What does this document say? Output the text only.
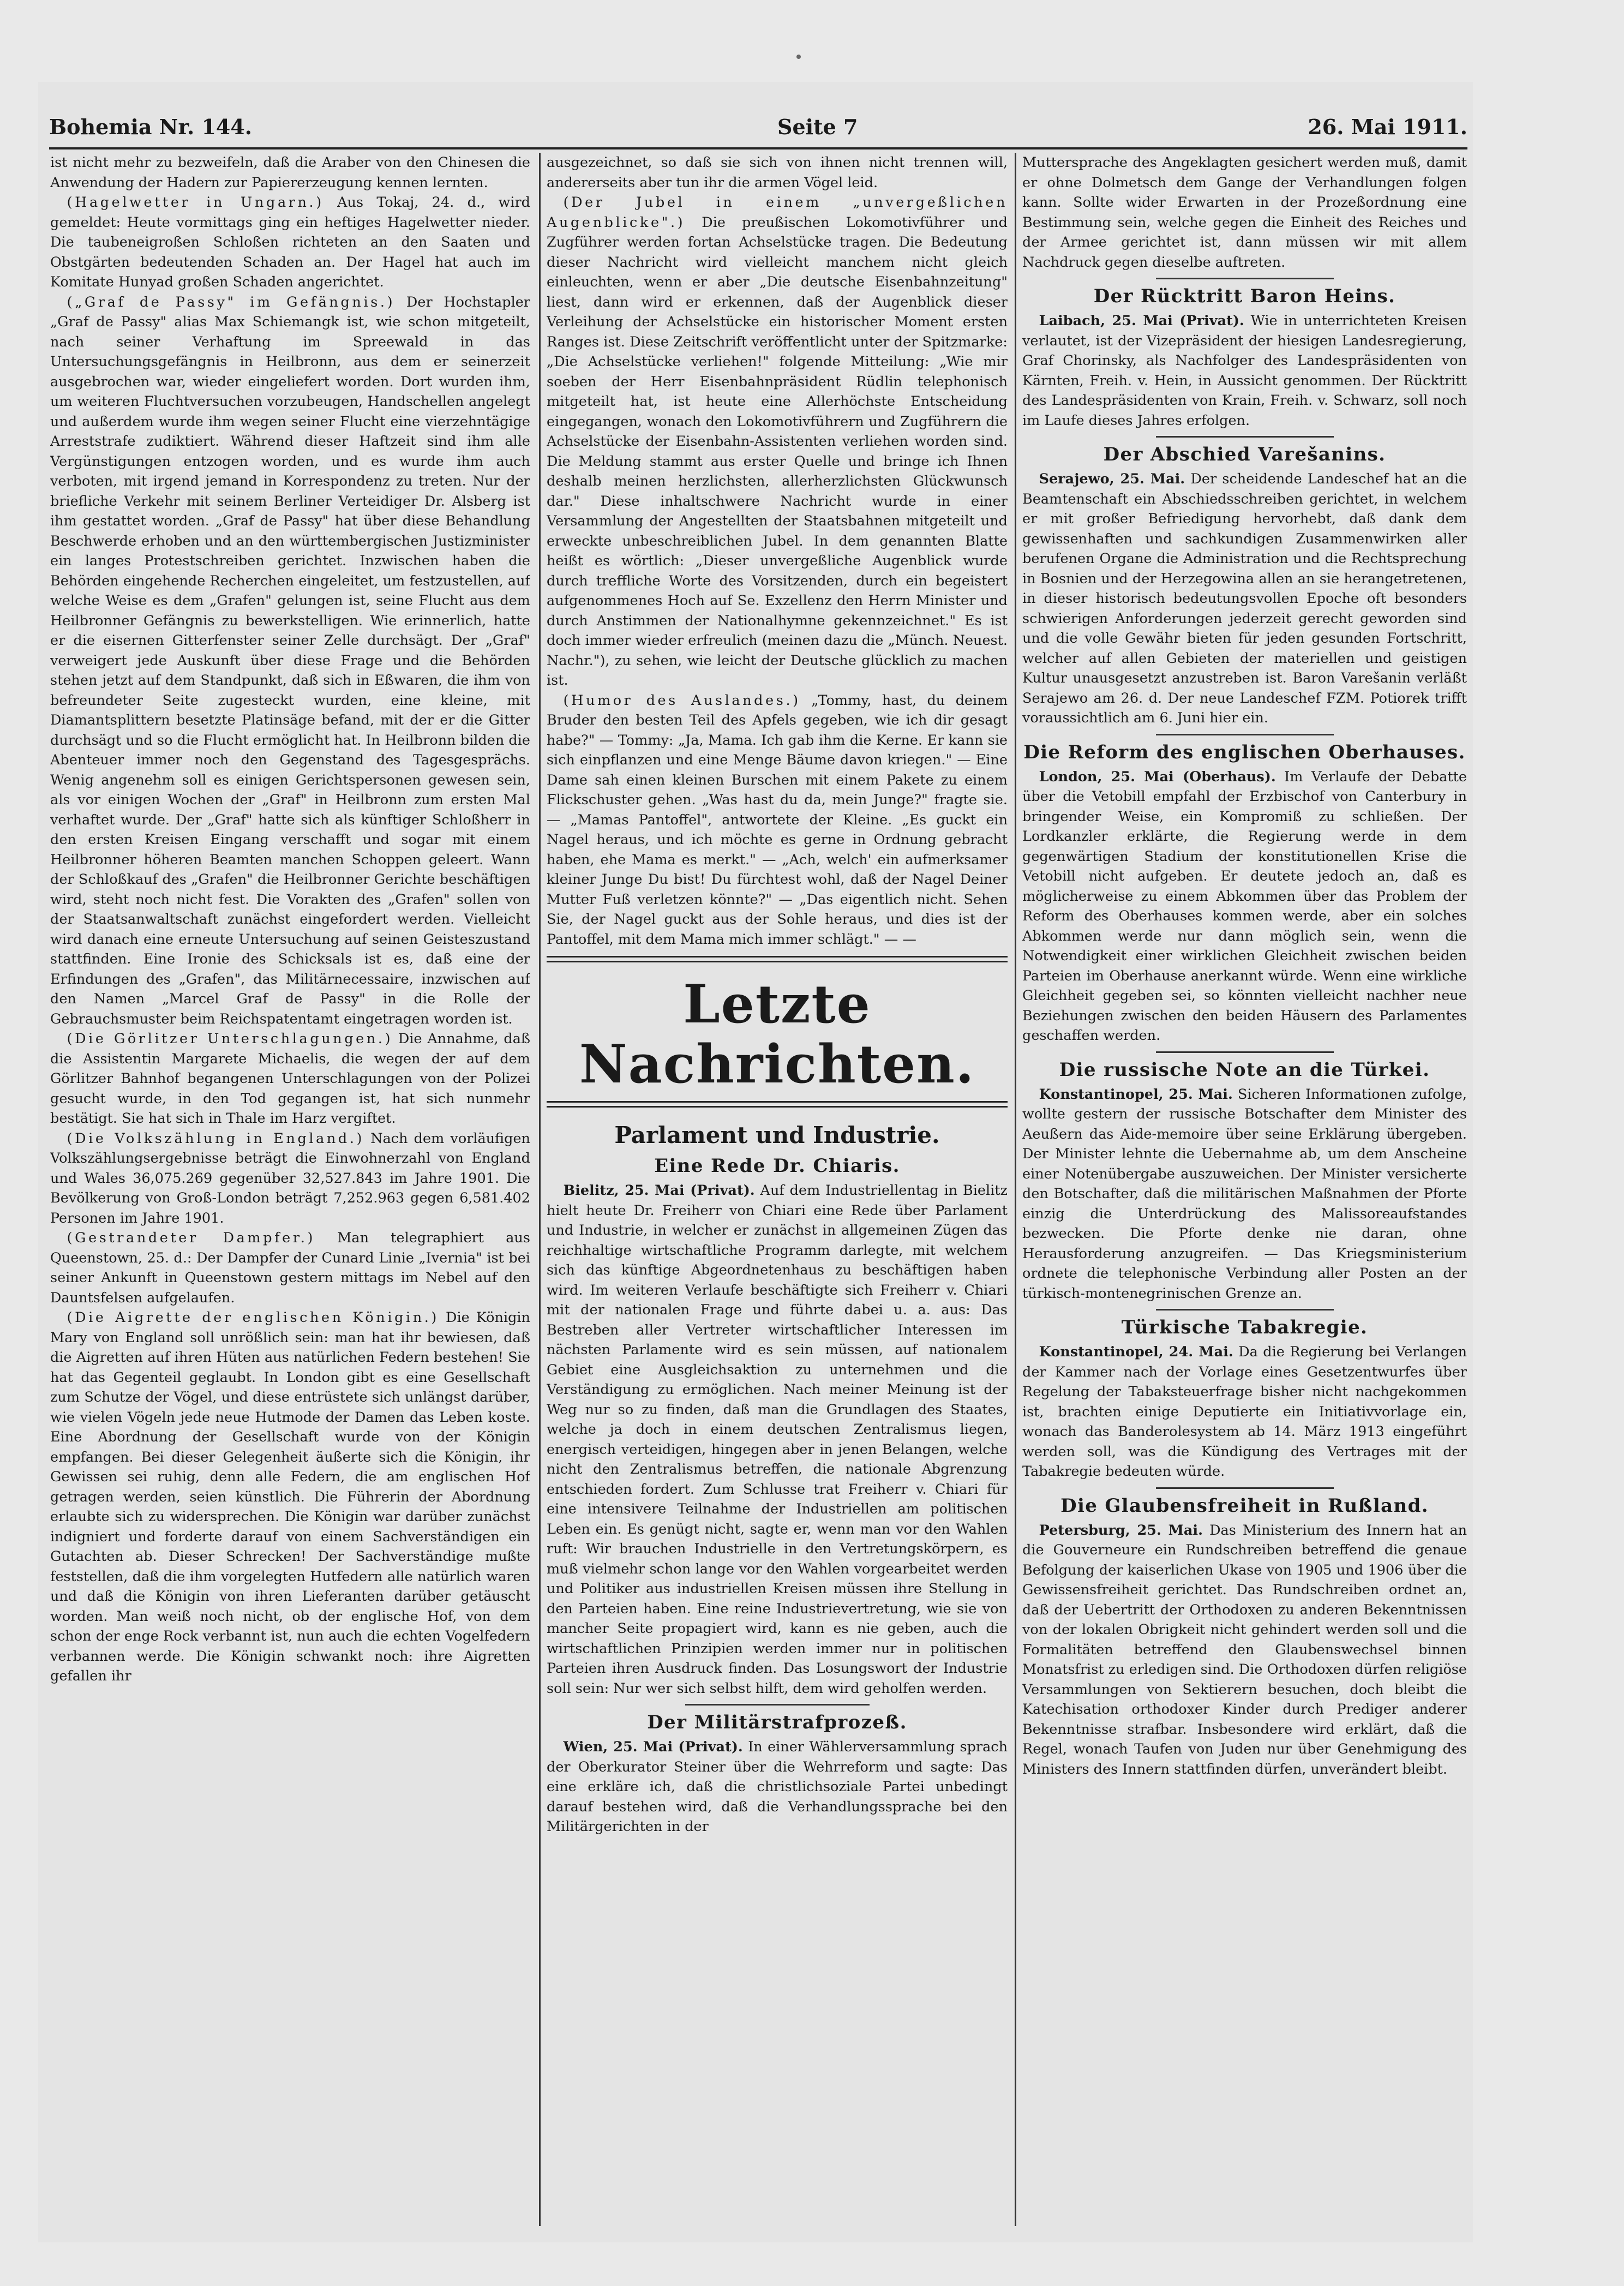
Bohemia Nr. 144.	Seite 7	26. Mai 1911.

ist nicht mehr zu bezweifeln, daß die Araber von den Chinesen die Anwendung der Hadern zur Papiererzeugung kennen lernten.

(Hagelwetter in Ungarn.) Aus Tokaj, 24. d., wird gemeldet: Heute vormittags ging ein heftiges Hagelwetter nieder. Die taubeneigroßen Schloßen richteten an den Saaten und Obstgärten bedeutenden Schaden an. Der Hagel hat auch im Komitate Hunyad großen Schaden angerichtet.

(„Graf de Passy" im Gefängnis.) Der Hochstapler „Graf de Passy" alias Max Schiemangk ist, wie schon mitgeteilt, nach seiner Verhaftung im Spreewald in das Untersuchungsgefängnis in Heilbronn, aus dem er seinerzeit ausgebrochen war, wieder eingeliefert worden. Dort wurden ihm, um weiteren Fluchtversuchen vorzubeugen, Handschellen angelegt und außerdem wurde ihm wegen seiner Flucht eine vierzehntägige Arreststrafe zudiktiert. Während dieser Haftzeit sind ihm alle Vergünstigungen entzogen worden, und es wurde ihm auch verboten, mit irgend jemand in Korrespondenz zu treten. Nur der briefliche Verkehr mit seinem Berliner Verteidiger Dr. Alsberg ist ihm gestattet worden. „Graf de Passy" hat über diese Behandlung Beschwerde erhoben und an den württembergischen Justizminister ein langes Protestschreiben gerichtet. Inzwischen haben die Behörden eingehende Recherchen eingeleitet, um festzustellen, auf welche Weise es dem „Grafen" gelungen ist, seine Flucht aus dem Heilbronner Gefängnis zu bewerkstelligen. Wie erinnerlich, hatte er die eisernen Gitterfenster seiner Zelle durchsägt. Der „Graf" verweigert jede Auskunft über diese Frage und die Behörden stehen jetzt auf dem Standpunkt, daß sich in Eßwaren, die ihm von befreundeter Seite zugesteckt wurden, eine kleine, mit Diamantsplittern besetzte Platinsäge befand, mit der er die Gitter durchsägt und so die Flucht ermöglicht hat. In Heilbronn bilden die Abenteuer immer noch den Gegenstand des Tagesgesprächs. Wenig angenehm soll es einigen Gerichtspersonen gewesen sein, als vor einigen Wochen der „Graf" in Heilbronn zum ersten Mal verhaftet wurde. Der „Graf" hatte sich als künftiger Schloßherr in den ersten Kreisen Eingang verschafft und sogar mit einem Heilbronner höheren Beamten manchen Schoppen geleert. Wann der Schloßkauf des „Grafen" die Heilbronner Gerichte beschäftigen wird, steht noch nicht fest. Die Vorakten des „Grafen" sollen von der Staatsanwaltschaft zunächst eingefordert werden. Vielleicht wird danach eine erneute Untersuchung auf seinen Geisteszustand stattfinden. Eine Ironie des Schicksals ist es, daß eine der Erfindungen des „Grafen", das Militärnecessaire, inzwischen auf den Namen „Marcel Graf de Passy" in die Rolle der Gebrauchsmuster beim Reichspatentamt eingetragen worden ist.

(Die Görlitzer Unterschlagungen.) Die Annahme, daß die Assistentin Margarete Michaelis, die wegen der auf dem Görlitzer Bahnhof begangenen Unterschlagungen von der Polizei gesucht wurde, in den Tod gegangen ist, hat sich nunmehr bestätigt. Sie hat sich in Thale im Harz vergiftet.

(Die Volkszählung in England.) Nach dem vorläufigen Volkszählungsergebnisse beträgt die Einwohnerzahl von England und Wales 36,075.269 gegenüber 32,527.843 im Jahre 1901. Die Bevölkerung von Groß-London beträgt 7,252.963 gegen 6,581.402 Personen im Jahre 1901.

(Gestrandeter Dampfer.) Man telegraphiert aus Queenstown, 25. d.: Der Dampfer der Cunard Linie „Ivernia" ist bei seiner Ankunft in Queenstown gestern mittags im Nebel auf den Dauntsfelsen aufgelaufen.

(Die Aigrette der englischen Königin.) Die Königin Mary von England soll unrößlich sein: man hat ihr bewiesen, daß die Aigretten auf ihren Hüten aus natürlichen Federn bestehen! Sie hat das Gegenteil geglaubt. In London gibt es eine Gesellschaft zum Schutze der Vögel, und diese entrüstete sich unlängst darüber, wie vielen Vögeln jede neue Hutmode der Damen das Leben koste. Eine Abordnung der Gesellschaft wurde von der Königin empfangen. Bei dieser Gelegenheit äußerte sich die Königin, ihr Gewissen sei ruhig, denn alle Federn, die am englischen Hof getragen werden, seien künstlich. Die Führerin der Abordnung erlaubte sich zu widersprechen. Die Königin war darüber zunächst indigniert und forderte darauf von einem Sachverständigen ein Gutachten ab. Dieser Schrecken! Der Sachverständige mußte feststellen, daß die ihm vorgelegten Hutfedern alle natürlich waren und daß die Königin von ihren Lieferanten darüber getäuscht worden. Man weiß noch nicht, ob der englische Hof, von dem schon der enge Rock verbannt ist, nun auch die echten Vogelfedern verbannen werde. Die Königin schwankt noch: ihre Aigretten gefallen ihr

ausgezeichnet, so daß sie sich von ihnen nicht trennen will, andererseits aber tun ihr die armen Vögel leid.

(Der Jubel in einem „unvergeßlichen Augenblicke".) Die preußischen Lokomotivführer und Zugführer werden fortan Achselstücke tragen. Die Bedeutung dieser Nachricht wird vielleicht manchem nicht gleich einleuchten, wenn er aber „Die deutsche Eisenbahnzeitung" liest, dann wird er erkennen, daß der Augenblick dieser Verleihung der Achselstücke ein historischer Moment ersten Ranges ist. Diese Zeitschrift veröffentlicht unter der Spitzmarke: „Die Achselstücke verliehen!" folgende Mitteilung: „Wie mir soeben der Herr Eisenbahnpräsident Rüdlin telephonisch mitgeteilt hat, ist heute eine Allerhöchste Entscheidung eingegangen, wonach den Lokomotivführern und Zugführern die Achselstücke der Eisenbahn-Assistenten verliehen worden sind. Die Meldung stammt aus erster Quelle und bringe ich Ihnen deshalb meinen herzlichsten, allerherzlichsten Glückwunsch dar." Diese inhaltschwere Nachricht wurde in einer Versammlung der Angestellten der Staatsbahnen mitgeteilt und erweckte unbeschreiblichen Jubel. In dem genannten Blatte heißt es wörtlich: „Dieser unvergeßliche Augenblick wurde durch treffliche Worte des Vorsitzenden, durch ein begeistert aufgenommenes Hoch auf Se. Exzellenz den Herrn Minister und durch Anstimmen der Nationalhymne gekennzeichnet." Es ist doch immer wieder erfreulich (meinen dazu die „Münch. Neuest. Nachr."), zu sehen, wie leicht der Deutsche glücklich zu machen ist.

(Humor des Auslandes.) „Tommy, hast, du deinem Bruder den besten Teil des Apfels gegeben, wie ich dir gesagt habe?" — Tommy: „Ja, Mama. Ich gab ihm die Kerne. Er kann sie sich einpflanzen und eine Menge Bäume davon kriegen." — Eine Dame sah einen kleinen Burschen mit einem Pakete zu einem Flickschuster gehen. „Was hast du da, mein Junge?" fragte sie. — „Mamas Pantoffel", antwortete der Kleine. „Es guckt ein Nagel heraus, und ich möchte es gerne in Ordnung gebracht haben, ehe Mama es merkt." — „Ach, welch' ein aufmerksamer kleiner Junge Du bist! Du fürchtest wohl, daß der Nagel Deiner Mutter Fuß verletzen könnte?" — „Das eigentlich nicht. Sehen Sie, der Nagel guckt aus der Sohle heraus, und dies ist der Pantoffel, mit dem Mama mich immer schlägt." — —

Letzte Nachrichten.
Parlament und Industrie.
Eine Rede Dr. Chiaris.

Bielitz, 25. Mai (Privat). Auf dem Industriellentag in Bielitz hielt heute Dr. Freiherr von Chiari eine Rede über Parlament und Industrie, in welcher er zunächst in allgemeinen Zügen das reichhaltige wirtschaftliche Programm darlegte, mit welchem sich das künftige Abgeordnetenhaus zu beschäftigen haben wird. Im weiteren Verlaufe beschäftigte sich Freiherr v. Chiari mit der nationalen Frage und führte dabei u. a. aus: Das Bestreben aller Vertreter wirtschaftlicher Interessen im nächsten Parlamente wird es sein müssen, auf nationalem Gebiet eine Ausgleichsaktion zu unternehmen und die Verständigung zu ermöglichen. Nach meiner Meinung ist der Weg nur so zu finden, daß man die Grundlagen des Staates, welche ja doch in einem deutschen Zentralismus liegen, energisch verteidigen, hingegen aber in jenen Belangen, welche nicht den Zentralismus betreffen, die nationale Abgrenzung entschieden fordert. Zum Schlusse trat Freiherr v. Chiari für eine intensivere Teilnahme der Industriellen am politischen Leben ein. Es genügt nicht, sagte er, wenn man vor den Wahlen ruft: Wir brauchen Industrielle in den Vertretungskörpern, es muß vielmehr schon lange vor den Wahlen vorgearbeitet werden und Politiker aus industriellen Kreisen müssen ihre Stellung in den Parteien haben. Eine reine Industrievertretung, wie sie von mancher Seite propagiert wird, kann es nie geben, auch die wirtschaftlichen Prinzipien werden immer nur in politischen Parteien ihren Ausdruck finden. Das Losungswort der Industrie soll sein: Nur wer sich selbst hilft, dem wird geholfen werden.

Der Militärstrafprozeß.

Wien, 25. Mai (Privat). In einer Wählerversammlung sprach der Oberkurator Steiner über die Wehrreform und sagte: Das eine erkläre ich, daß die christlichsoziale Partei unbedingt darauf bestehen wird, daß die Verhandlungssprache bei den Militärgerichten in der

Muttersprache des Angeklagten gesichert werden muß, damit er ohne Dolmetsch dem Gange der Verhandlungen folgen kann. Sollte wider Erwarten in der Prozeßordnung eine Bestimmung sein, welche gegen die Einheit des Reiches und der Armee gerichtet ist, dann müssen wir mit allem Nachdruck gegen dieselbe auftreten.

Der Rücktritt Baron Heins.

Laibach, 25. Mai (Privat). Wie in unterrichteten Kreisen verlautet, ist der Vizepräsident der hiesigen Landesregierung, Graf Chorinsky, als Nachfolger des Landespräsidenten von Kärnten, Freih. v. Hein, in Aussicht genommen. Der Rücktritt des Landespräsidenten von Krain, Freih. v. Schwarz, soll noch im Laufe dieses Jahres erfolgen.

Der Abschied Varešanins.

Serajewo, 25. Mai. Der scheidende Landeschef hat an die Beamtenschaft ein Abschiedsschreiben gerichtet, in welchem er mit großer Befriedigung hervorhebt, daß dank dem gewissenhaften und sachkundigen Zusammenwirken aller berufenen Organe die Administration und die Rechtsprechung in Bosnien und der Herzegowina allen an sie herangetretenen, in dieser historisch bedeutungsvollen Epoche oft besonders schwierigen Anforderungen jederzeit gerecht geworden sind und die volle Gewähr bieten für jeden gesunden Fortschritt, welcher auf allen Gebieten der materiellen und geistigen Kultur unausgesetzt anzustreben ist. Baron Varešanin verläßt Serajewo am 26. d. Der neue Landeschef FZM. Potiorek trifft voraussichtlich am 6. Juni hier ein.

Die Reform des englischen Oberhauses.

London, 25. Mai (Oberhaus). Im Verlaufe der Debatte über die Vetobill empfahl der Erzbischof von Canterbury in bringender Weise, ein Kompromiß zu schließen. Der Lordkanzler erklärte, die Regierung werde in dem gegenwärtigen Stadium der konstitutionellen Krise die Vetobill nicht aufgeben. Er deutete jedoch an, daß es möglicherweise zu einem Abkommen über das Problem der Reform des Oberhauses kommen werde, aber ein solches Abkommen werde nur dann möglich sein, wenn die Notwendigkeit einer wirklichen Gleichheit zwischen beiden Parteien im Oberhause anerkannt würde. Wenn eine wirkliche Gleichheit gegeben sei, so könnten vielleicht nachher neue Beziehungen zwischen den beiden Häusern des Parlamentes geschaffen werden.

Die russische Note an die Türkei.

Konstantinopel, 25. Mai. Sicheren Informationen zufolge, wollte gestern der russische Botschafter dem Minister des Aeußern das Aide-memoire über seine Erklärung übergeben. Der Minister lehnte die Uebernahme ab, um dem Anscheine einer Notenübergabe auszuweichen. Der Minister versicherte den Botschafter, daß die militärischen Maßnahmen der Pforte einzig die Unterdrückung des Malissoreaufstandes bezwecken. Die Pforte denke nie daran, ohne Herausforderung anzugreifen. — Das Kriegsministerium ordnete die telephonische Verbindung aller Posten an der türkisch-montenegrinischen Grenze an.

Türkische Tabakregie.

Konstantinopel, 24. Mai. Da die Regierung bei Verlangen der Kammer nach der Vorlage eines Gesetzentwurfes über Regelung der Tabaksteuerfrage bisher nicht nachgekommen ist, brachten einige Deputierte ein Initiativvorlage ein, wonach das Banderolesystem ab 14. März 1913 eingeführt werden soll, was die Kündigung des Vertrages mit der Tabakregie bedeuten würde.

Die Glaubensfreiheit in Rußland.

Petersburg, 25. Mai. Das Ministerium des Innern hat an die Gouverneure ein Rundschreiben betreffend die genaue Befolgung der kaiserlichen Ukase von 1905 und 1906 über die Gewissensfreiheit gerichtet. Das Rundschreiben ordnet an, daß der Uebertritt der Orthodoxen zu anderen Bekenntnissen von der lokalen Obrigkeit nicht gehindert werden soll und die Formalitäten betreffend den Glaubenswechsel binnen Monatsfrist zu erledigen sind. Die Orthodoxen dürfen religiöse Versammlungen von Sektierern besuchen, doch bleibt die Katechisation orthodoxer Kinder durch Prediger anderer Bekenntnisse strafbar. Insbesondere wird erklärt, daß die Regel, wonach Taufen von Juden nur über Genehmigung des Ministers des Innern stattfinden dürfen, unverändert bleibt.
